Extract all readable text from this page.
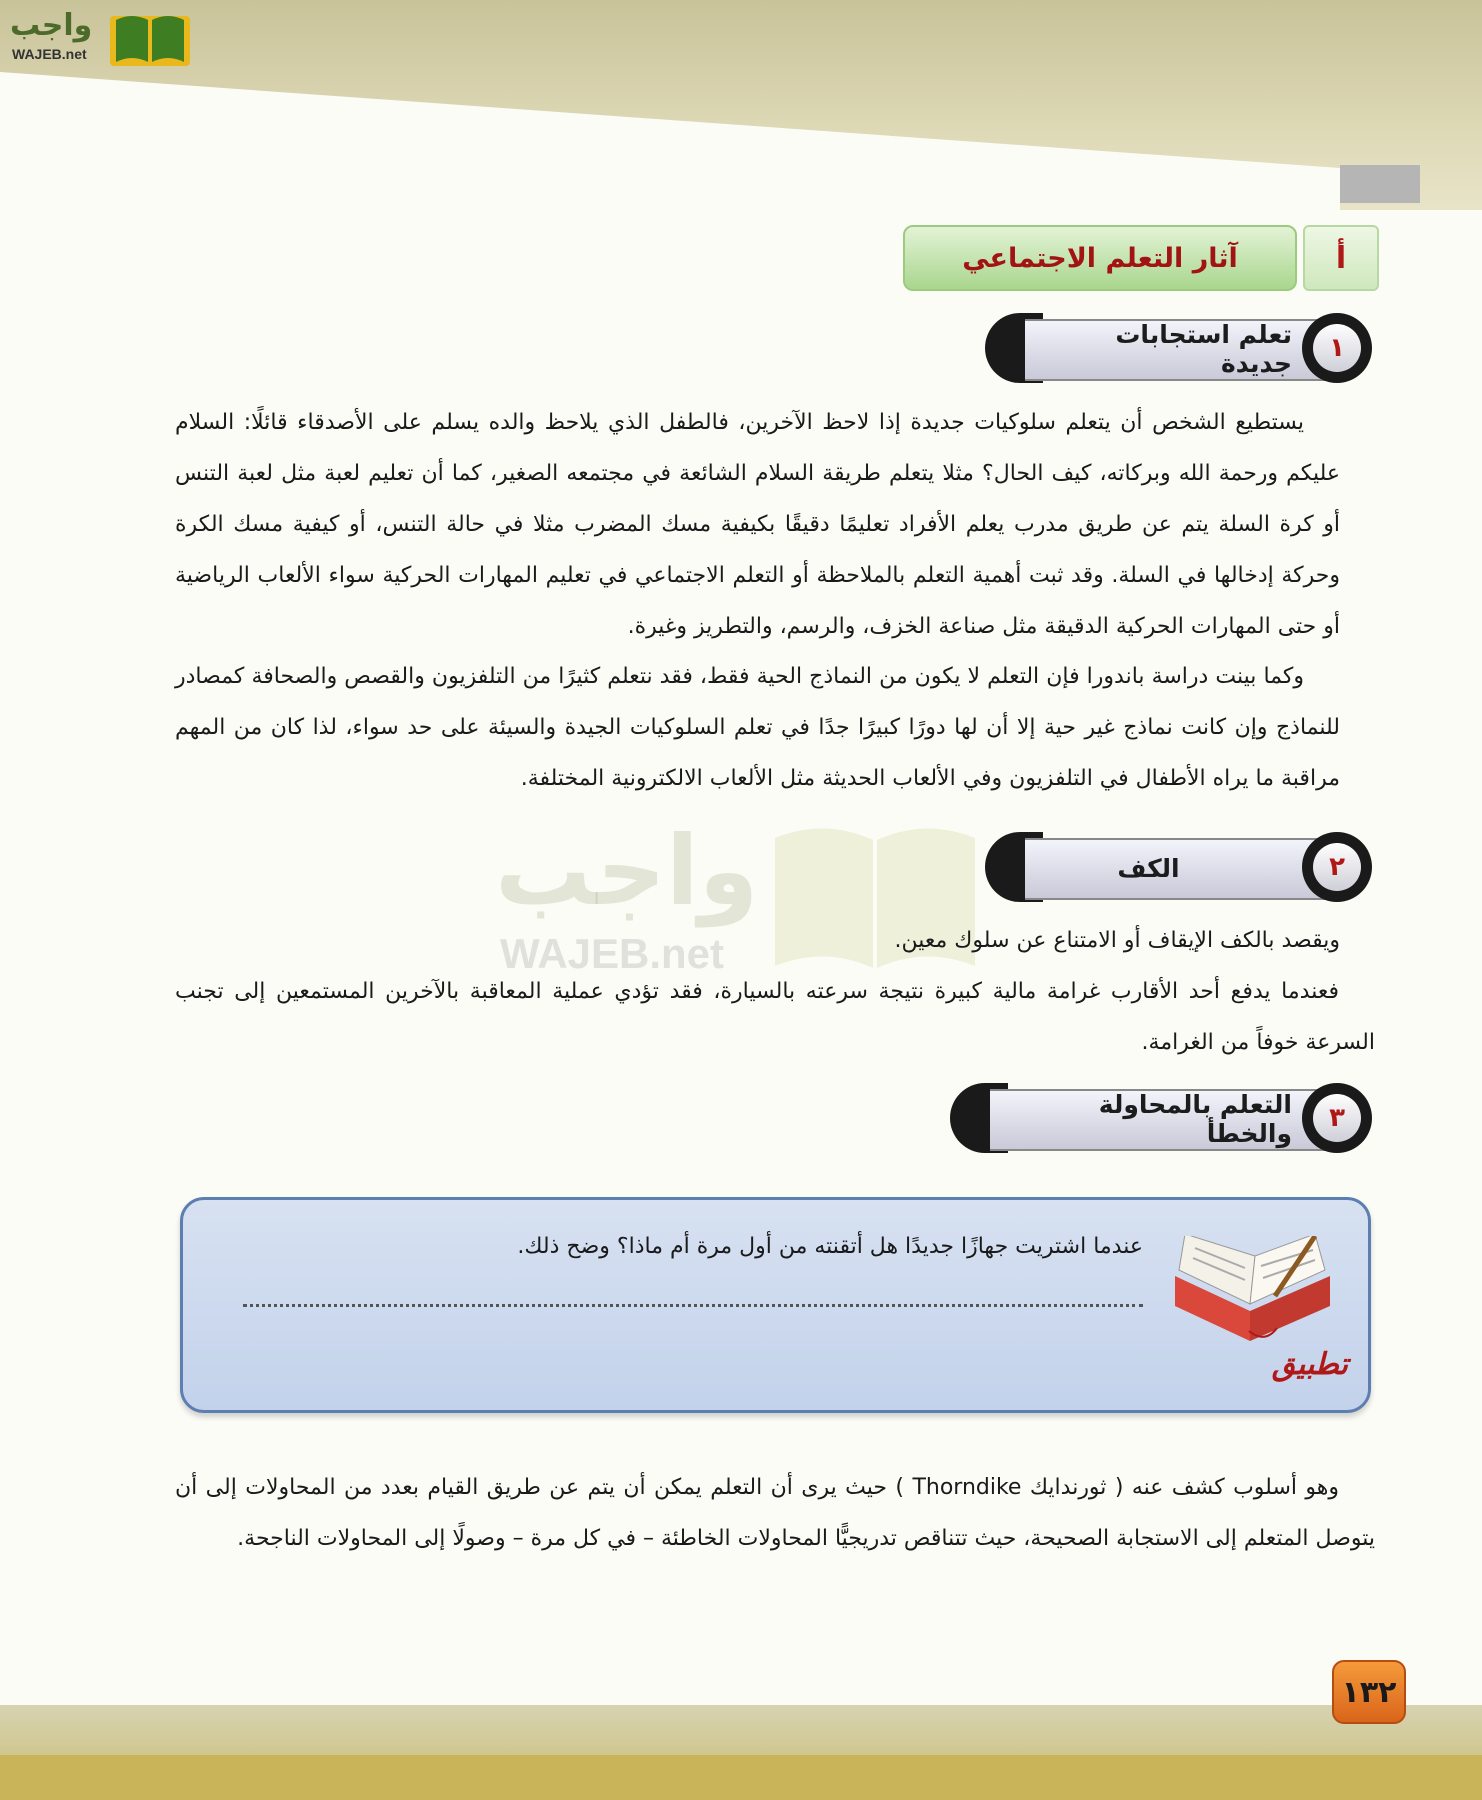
واجب
WAJEB.net
واجب
WAJEB.net
أ
آثار التعلم الاجتماعي
تعلم استجابات جديدة
١
يستطيع الشخص أن يتعلم سلوكيات جديدة إذا لاحظ الآخرين، فالطفل الذي يلاحظ والده يسلم على الأصدقاء قائلًا: السلام عليكم ورحمة الله وبركاته، كيف الحال؟ مثلا يتعلم طريقة السلام الشائعة في مجتمعه الصغير، كما أن تعليم لعبة مثل لعبة التنس أو كرة السلة يتم عن طريق مدرب يعلم الأفراد تعليمًا دقيقًا بكيفية مسك المضرب مثلا في حالة التنس، أو كيفية مسك الكرة وحركة إدخالها في السلة. وقد ثبت أهمية التعلم بالملاحظة أو التعلم الاجتماعي في تعليم المهارات الحركية سواء الألعاب الرياضية أو حتى المهارات الحركية الدقيقة مثل صناعة الخزف، والرسم، والتطريز وغيرة.
وكما بينت دراسة باندورا فإن التعلم لا يكون من النماذج الحية فقط، فقد نتعلم كثيرًا من التلفزيون والقصص والصحافة كمصادر للنماذج وإن كانت نماذج غير حية إلا أن لها دورًا كبيرًا جدًا في تعلم السلوكيات الجيدة والسيئة على حد سواء، لذا كان من المهم مراقبة ما يراه الأطفال في التلفزيون وفي الألعاب الحديثة مثل الألعاب الالكترونية المختلفة.
الكف	٢
ويقصد بالكف الإيقاف أو الامتناع عن سلوك معين.
فعندما يدفع أحد الأقارب غرامة مالية كبيرة نتيجة سرعته بالسيارة، فقد تؤدي عملية المعاقبة بالآخرين المستمعين إلى تجنب السرعة خوفاً من الغرامة.
التعلم بالمحاولة والخطأ
٣
عندما اشتريت جهازًا جديدًا هل أتقنته من أول مرة أم ماذا؟ وضح ذلك.
تطبيق
وهو أسلوب كشف عنه ( ثورندايك Thorndike ) حيث يرى أن التعلم يمكن أن يتم عن طريق القيام بعدد من المحاولات إلى أن يتوصل المتعلم إلى الاستجابة الصحيحة، حيث تتناقص تدريجيًّا المحاولات الخاطئة – في كل مرة – وصولًا إلى المحاولات الناجحة.
١٣٢
